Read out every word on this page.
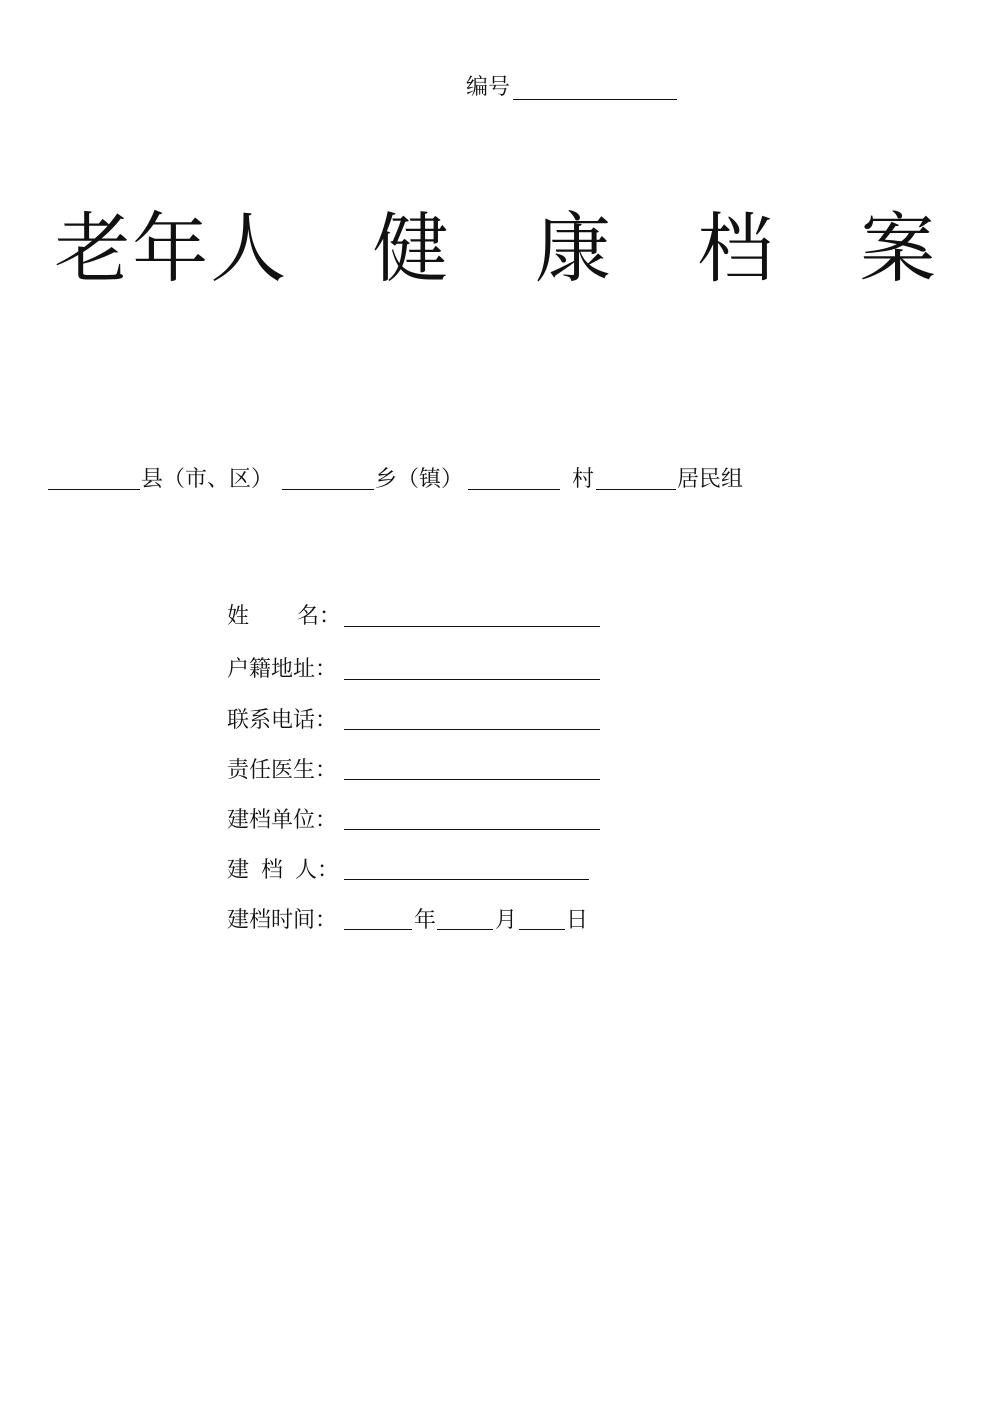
编号
老年人 健 康 档 案
县（市、区）	乡（镇）	村	居民组
姓 名：
户籍地址：
联系电话：
责任医生：
建档单位：
建 档 人：
建档时间：	年	月 日
